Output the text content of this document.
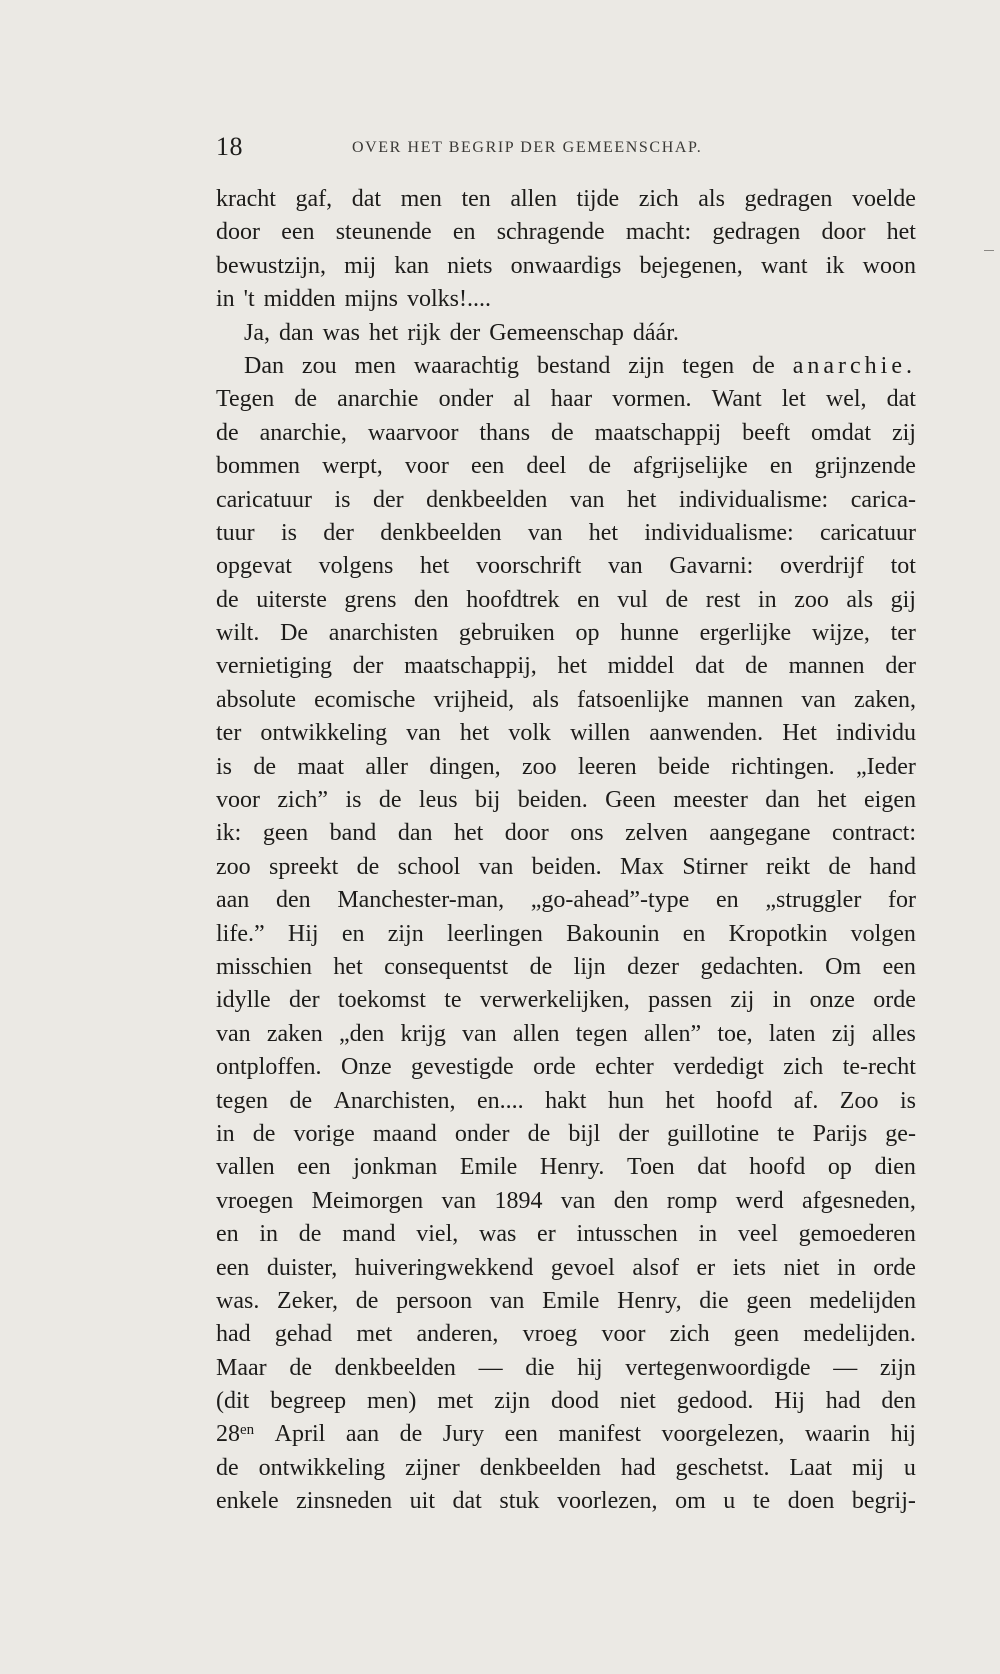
18	OVER HET BEGRIP DER GEMEENSCHAP.
kracht gaf, dat men ten allen tijde zich als gedragen voelde
door een steunende en schragende macht: gedragen door het
bewustzijn, mij kan niets onwaardigs bejegenen, want ik woon
in 't midden mijns volks!....
Ja, dan was het rijk der Gemeenschap dáár.
Dan zou men waarachtig bestand zijn tegen de anarchie.
Tegen de anarchie onder al haar vormen. Want let wel, dat
de anarchie, waarvoor thans de maatschappij beeft omdat zij
bommen werpt, voor een deel de afgrijselijke en grijnzende
caricatuur is der denkbeelden van het individualisme: carica-
tuur is der denkbeelden van het individualisme: caricatuur
opgevat volgens het voorschrift van Gavarni: overdrijf tot
de uiterste grens den hoofdtrek en vul de rest in zoo als gij
wilt. De anarchisten gebruiken op hunne ergerlijke wijze, ter
vernietiging der maatschappij, het middel dat de mannen der
absolute ecomische vrijheid, als fatsoenlijke mannen van zaken,
ter ontwikkeling van het volk willen aanwenden. Het individu
is de maat aller dingen, zoo leeren beide richtingen. „Ieder
voor zich” is de leus bij beiden. Geen meester dan het eigen
ik: geen band dan het door ons zelven aangegane contract:
zoo spreekt de school van beiden. Max Stirner reikt de hand
aan den Manchester-man, „go-ahead”-type en „struggler for
life.” Hij en zijn leerlingen Bakounin en Kropotkin volgen
misschien het consequentst de lijn dezer gedachten. Om een
idylle der toekomst te verwerkelijken, passen zij in onze orde
van zaken „den krijg van allen tegen allen” toe, laten zij alles
ontploffen. Onze gevestigde orde echter verdedigt zich te-recht
tegen de Anarchisten, en.... hakt hun het hoofd af. Zoo is
in de vorige maand onder de bijl der guillotine te Parijs ge-
vallen een jonkman Emile Henry. Toen dat hoofd op dien
vroegen Meimorgen van 1894 van den romp werd afgesneden,
en in de mand viel, was er intusschen in veel gemoederen
een duister, huiveringwekkend gevoel alsof er iets niet in orde
was. Zeker, de persoon van Emile Henry, die geen medelijden
had gehad met anderen, vroeg voor zich geen medelijden.
Maar de denkbeelden — die hij vertegenwoordigde — zijn
(dit begreep men) met zijn dood niet gedood. Hij had den
$28^{en}$ April aan de Jury een manifest voorgelezen, waarin hij
de ontwikkeling zijner denkbeelden had geschetst. Laat mij u
enkele zinsneden uit dat stuk voorlezen, om u te doen begrij-
